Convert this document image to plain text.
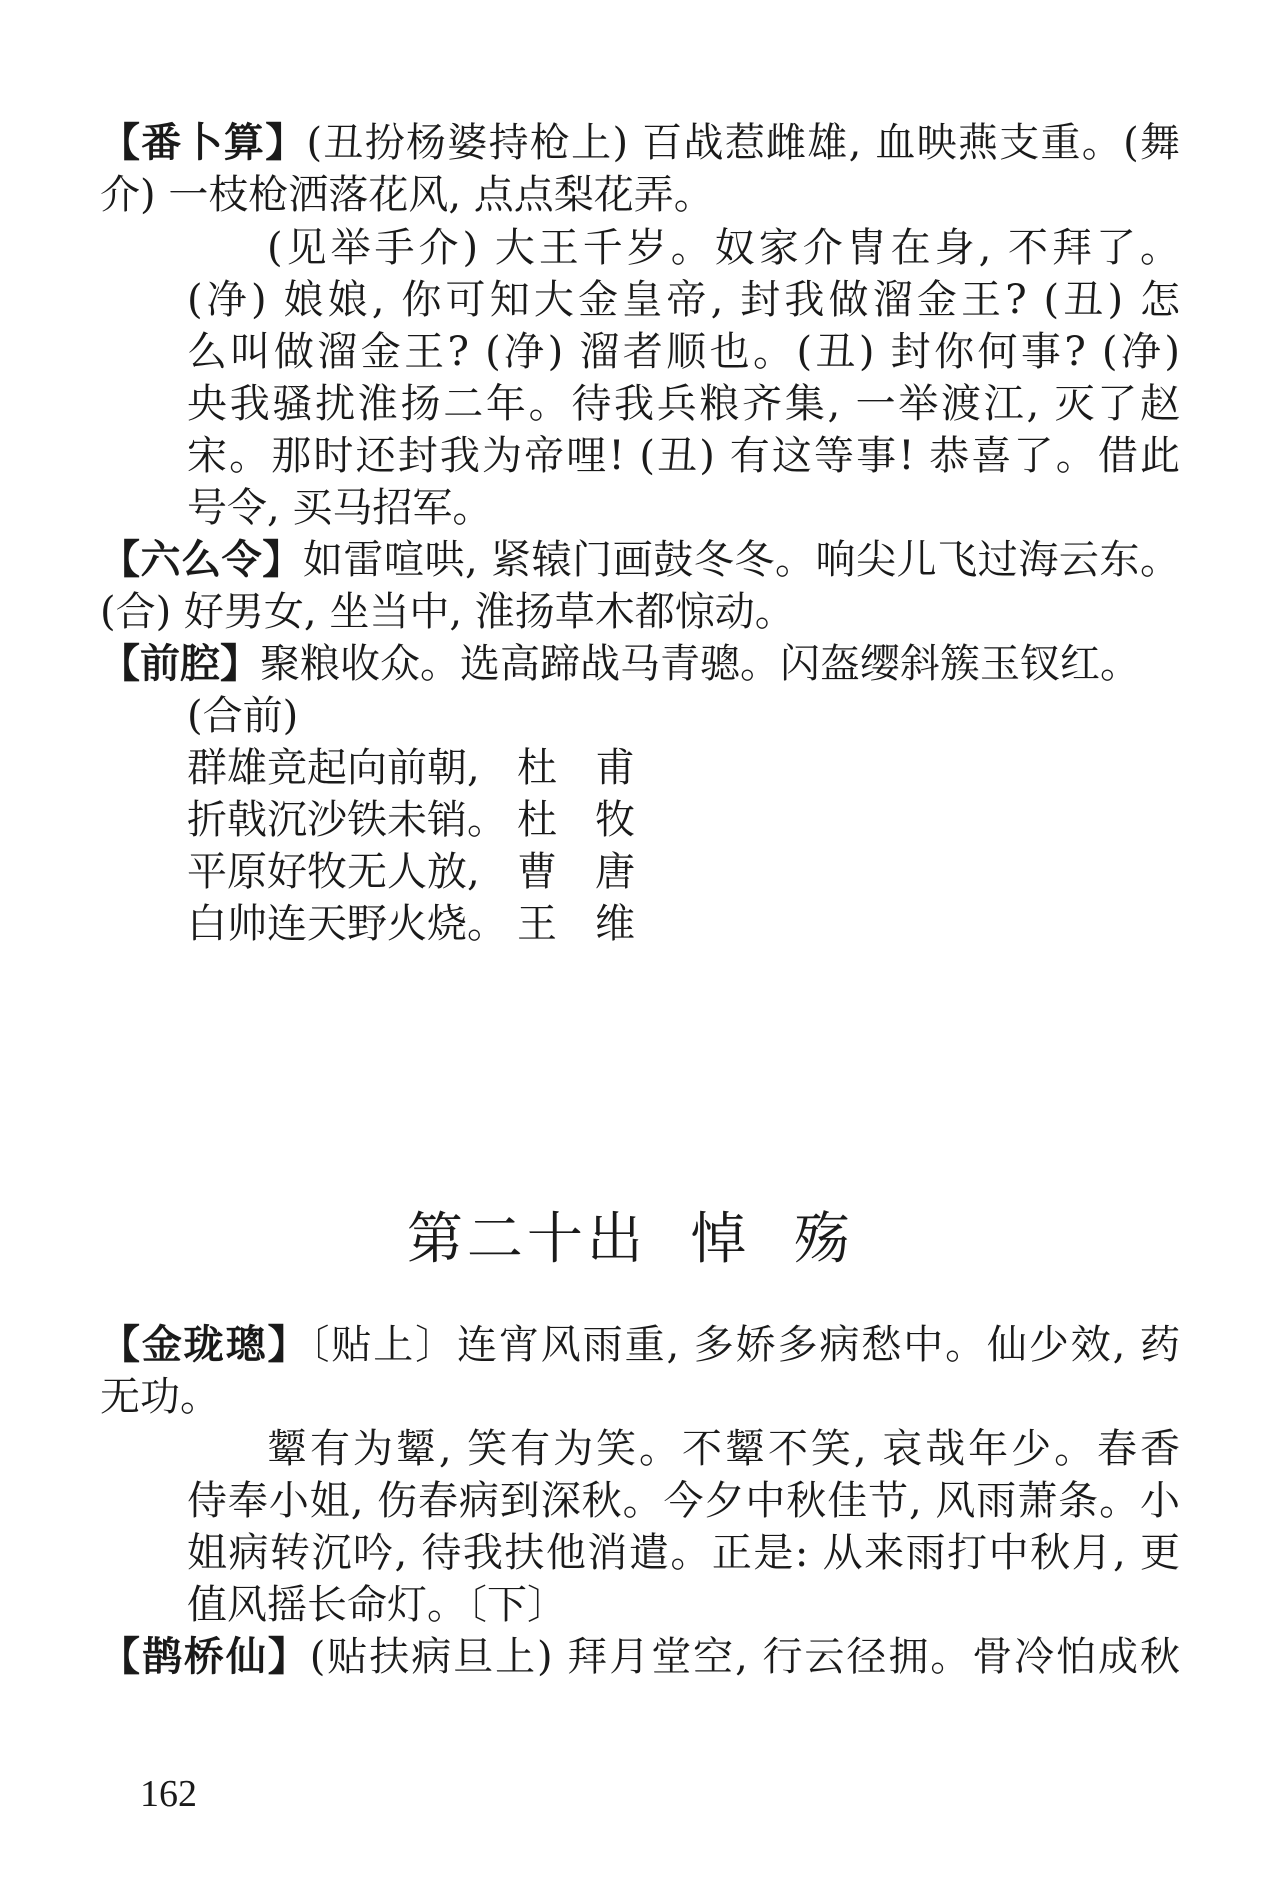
【番卜算】(丑扮杨婆持枪上) 百战惹雌雄, 血映燕支重。(舞
介) 一枝枪洒落花风, 点点梨花弄。
(见举手介) 大王千岁。奴家介冑在身, 不拜了。
(净) 娘娘, 你可知大金皇帝, 封我做溜金王? (丑) 怎
么叫做溜金王? (净) 溜者顺也。(丑) 封你何事? (净)
央我骚扰淮扬二年。待我兵粮齐集, 一举渡江, 灭了赵
宋。那时还封我为帝哩! (丑) 有这等事! 恭喜了。借此
号令, 买马招军。
【六么令】如雷喧哄, 紧辕门画鼓冬冬。响尖儿飞过海云东。
(合) 好男女, 坐当中, 淮扬草木都惊动。
【前腔】聚粮收众。选高蹄战马青骢。闪盔缨斜簇玉钗红。
(合前)
群雄竞起向前朝, 杜甫
折戟沉沙铁未销。 杜牧
平原好牧无人放, 曹唐
白帅连天野火烧。 王维
第二十出  悼  殇
【金珑璁】〔贴上〕连宵风雨重, 多娇多病愁中。仙少效, 药
无功。
颦有为颦, 笑有为笑。不颦不笑, 哀哉年少。春香
侍奉小姐, 伤春病到深秋。今夕中秋佳节, 风雨萧条。小
姐病转沉吟, 待我扶他消遣。正是: 从来雨打中秋月, 更
值风摇长命灯。〔下〕
【鹊桥仙】(贴扶病旦上) 拜月堂空, 行云径拥。骨冷怕成秋
162
